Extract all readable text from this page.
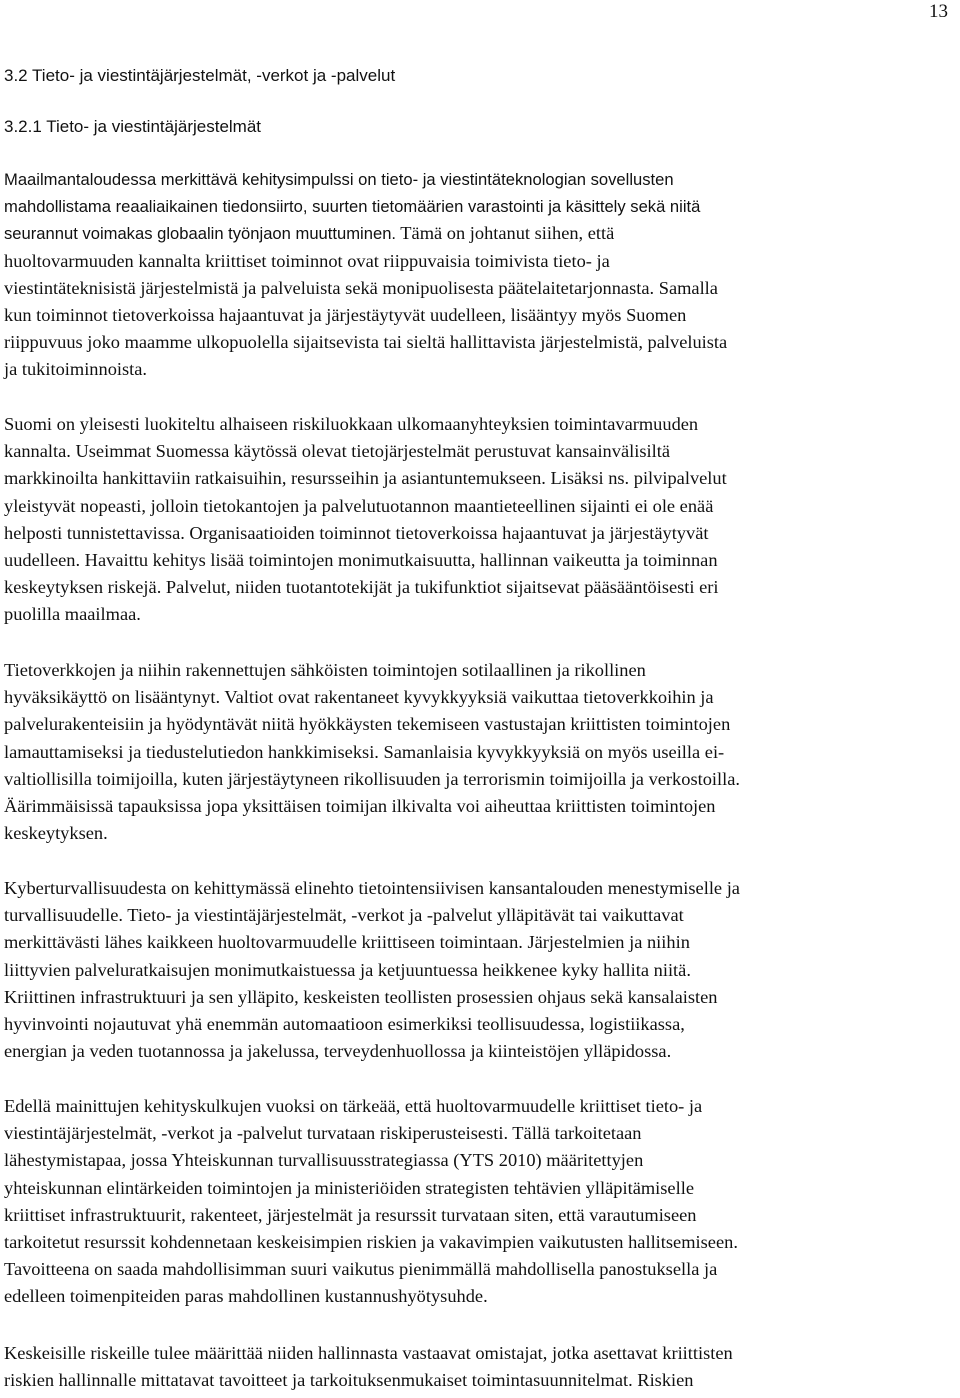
13
3.2 Tieto- ja viestintäjärjestelmät, -verkot ja -palvelut
3.2.1 Tieto- ja viestintäjärjestelmät
Maailmantaloudessa merkittävä kehitysimpulssi on tieto- ja viestintäteknologian sovellusten
mahdollistama reaaliaikainen tiedonsiirto, suurten tietomäärien varastointi ja käsittely sekä niitä
seurannut voimakas globaalin työnjaon muuttuminen. Tämä on johtanut siihen, että
huoltovarmuuden kannalta kriittiset toiminnot ovat riippuvaisia toimivista tieto- ja
viestintäteknisistä järjestelmistä ja palveluista sekä monipuolisesta päätelaitetarjonnasta. Samalla
kun toiminnot tietoverkoissa hajaantuvat ja järjestäytyvät uudelleen, lisääntyy myös Suomen
riippuvuus joko maamme ulkopuolella sijaitsevista tai sieltä hallittavista järjestelmistä, palveluista
ja tukitoiminnoista.
Suomi on yleisesti luokiteltu alhaiseen riskiluokkaan ulkomaanyhteyksien toimintavarmuuden
kannalta. Useimmat Suomessa käytössä olevat tietojärjestelmät perustuvat kansainvälisiltä
markkinoilta hankittaviin ratkaisuihin, resursseihin ja asiantuntemukseen. Lisäksi ns. pilvipalvelut
yleistyvät nopeasti, jolloin tietokantojen ja palvelutuotannon maantieteellinen sijainti ei ole enää
helposti tunnistettavissa. Organisaatioiden toiminnot tietoverkoissa hajaantuvat ja järjestäytyvät
uudelleen. Havaittu kehitys lisää toimintojen monimutkaisuutta, hallinnan vaikeutta ja toiminnan
keskeytyksen riskejä. Palvelut, niiden tuotantotekijät ja tukifunktiot sijaitsevat pääsääntöisesti eri
puolilla maailmaa.
Tietoverkkojen ja niihin rakennettujen sähköisten toimintojen sotilaallinen ja rikollinen
hyväksikäyttö on lisääntynyt. Valtiot ovat rakentaneet kyvykkyyksiä vaikuttaa tietoverkkoihin ja
palvelurakenteisiin ja hyödyntävät niitä hyökkäysten tekemiseen vastustajan kriittisten toimintojen
lamauttamiseksi ja tiedustelutiedon hankkimiseksi. Samanlaisia kyvykkyyksiä on myös useilla ei-
valtiollisilla toimijoilla, kuten järjestäytyneen rikollisuuden ja terrorismin toimijoilla ja verkostoilla.
Äärimmäisissä tapauksissa jopa yksittäisen toimijan ilkivalta voi aiheuttaa kriittisten toimintojen
keskeytyksen.
Kyberturvallisuudesta on kehittymässä elinehto tietointensiivisen kansantalouden menestymiselle ja
turvallisuudelle. Tieto- ja viestintäjärjestelmät, -verkot ja -palvelut ylläpitävät tai vaikuttavat
merkittävästi lähes kaikkeen huoltovarmuudelle kriittiseen toimintaan. Järjestelmien ja niihin
liittyvien palveluratkaisujen monimutkaistuessa ja ketjuuntuessa heikkenee kyky hallita niitä.
Kriittinen infrastruktuuri ja sen ylläpito, keskeisten teollisten prosessien ohjaus sekä kansalaisten
hyvinvointi nojautuvat yhä enemmän automaatioon esimerkiksi teollisuudessa, logistiikassa,
energian ja veden tuotannossa ja jakelussa, terveydenhuollossa ja kiinteistöjen ylläpidossa.
Edellä mainittujen kehityskulkujen vuoksi on tärkeää, että huoltovarmuudelle kriittiset tieto- ja
viestintäjärjestelmät, -verkot ja -palvelut turvataan riskiperusteisesti. Tällä tarkoitetaan
lähestymistapaa, jossa Yhteiskunnan turvallisuusstrategiassa (YTS 2010) määritettyjen
yhteiskunnan elintärkeiden toimintojen ja ministeriöiden strategisten tehtävien ylläpitämiselle
kriittiset infrastruktuurit, rakenteet, järjestelmät ja resurssit turvataan siten, että varautumiseen
tarkoitetut resurssit kohdennetaan keskeisimpien riskien ja vakavimpien vaikutusten hallitsemiseen.
Tavoitteena on saada mahdollisimman suuri vaikutus pienimmällä mahdollisella panostuksella ja
edelleen toimenpiteiden paras mahdollinen kustannushyötysuhde.
Keskeisille riskeille tulee määrittää niiden hallinnasta vastaavat omistajat, jotka asettavat kriittisten
riskien hallinnalle mittatavat tavoitteet ja tarkoituksenmukaiset toimintasuunnitelmat. Riskien
